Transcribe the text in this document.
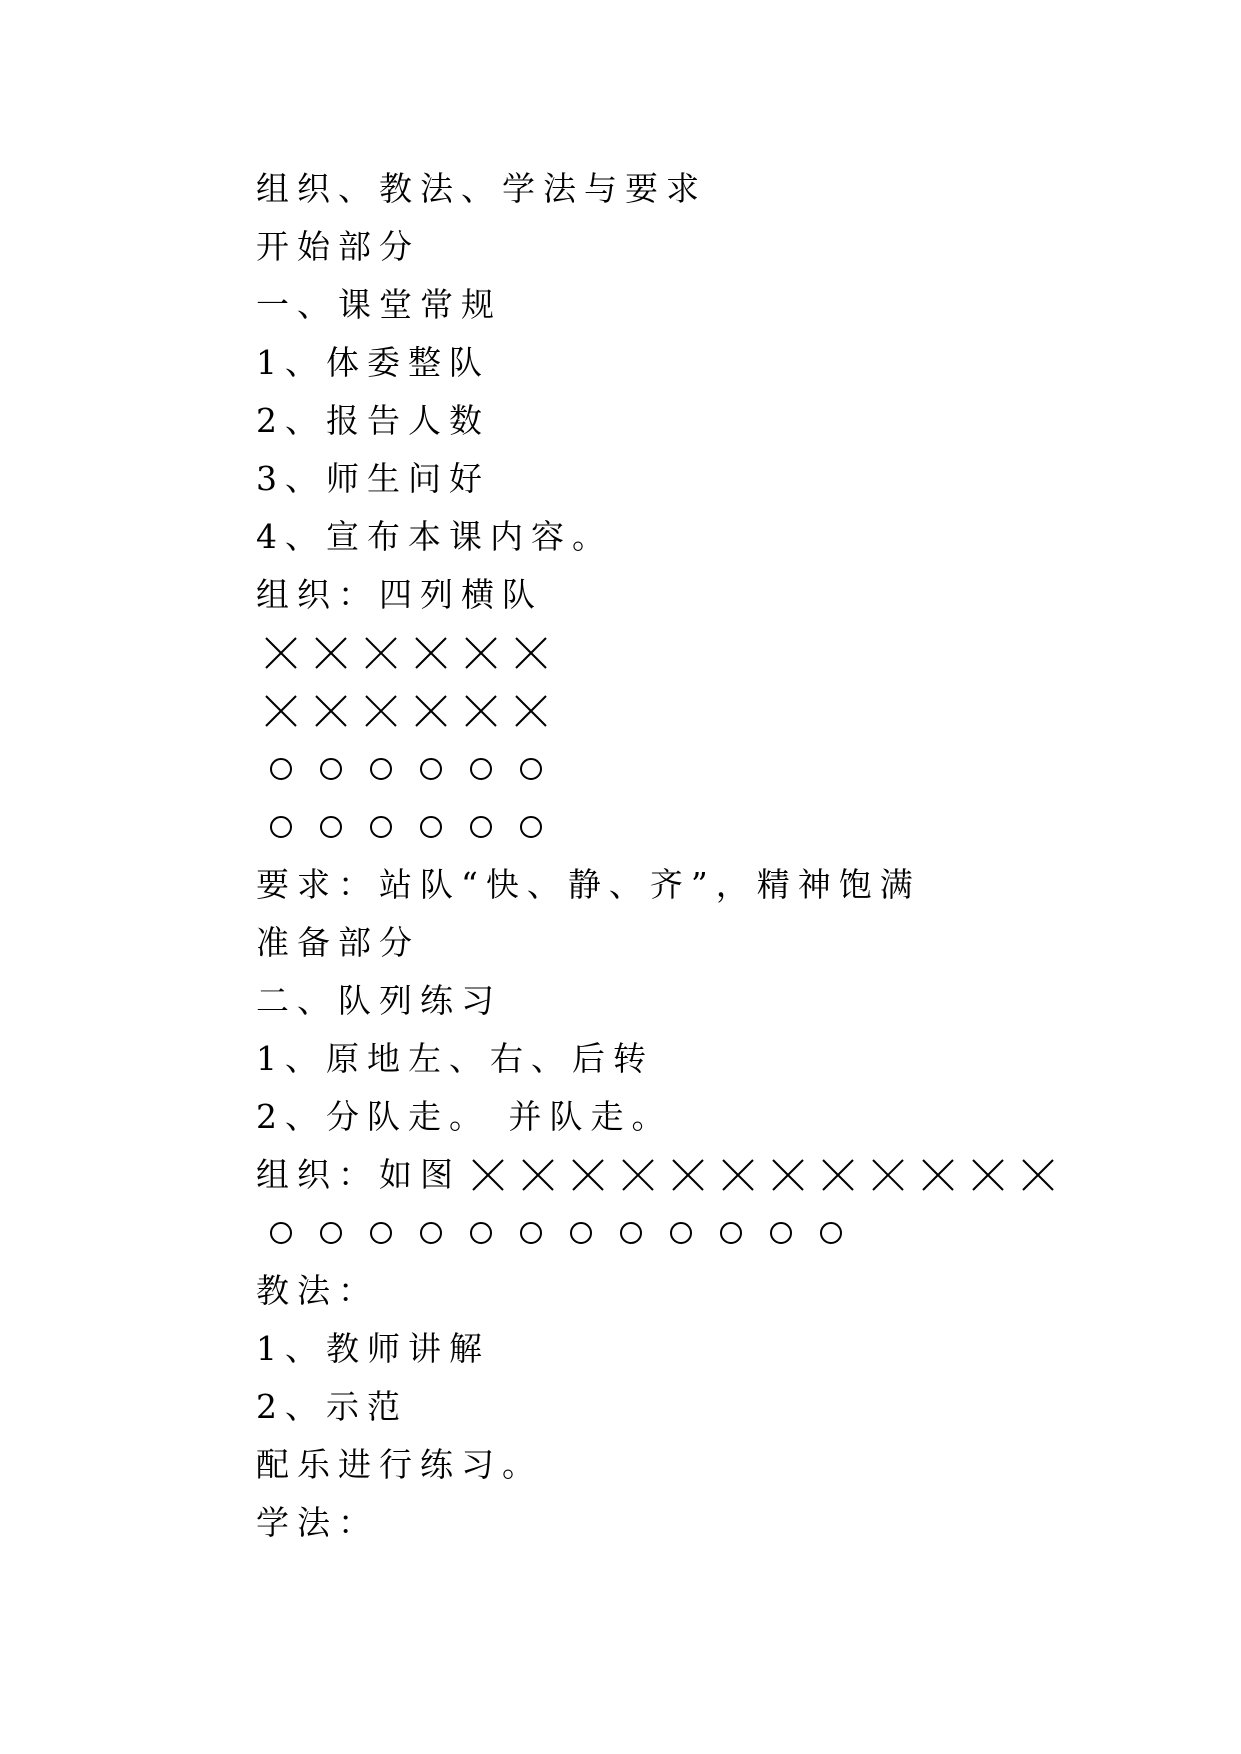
组织、教法、学法与要求
开始部分
一、课堂常规
1、体委整队
2、报告人数
3、师生问好
4、宣布本课内容。
组织：四列横队
要求：站队“快、静、齐”，精神饱满
准备部分
二、队列练习
1、原地左、右、后转
2、分队走。 并队走。
组织：如图
教法：
1、教师讲解
2、示范
配乐进行练习。
学法：
